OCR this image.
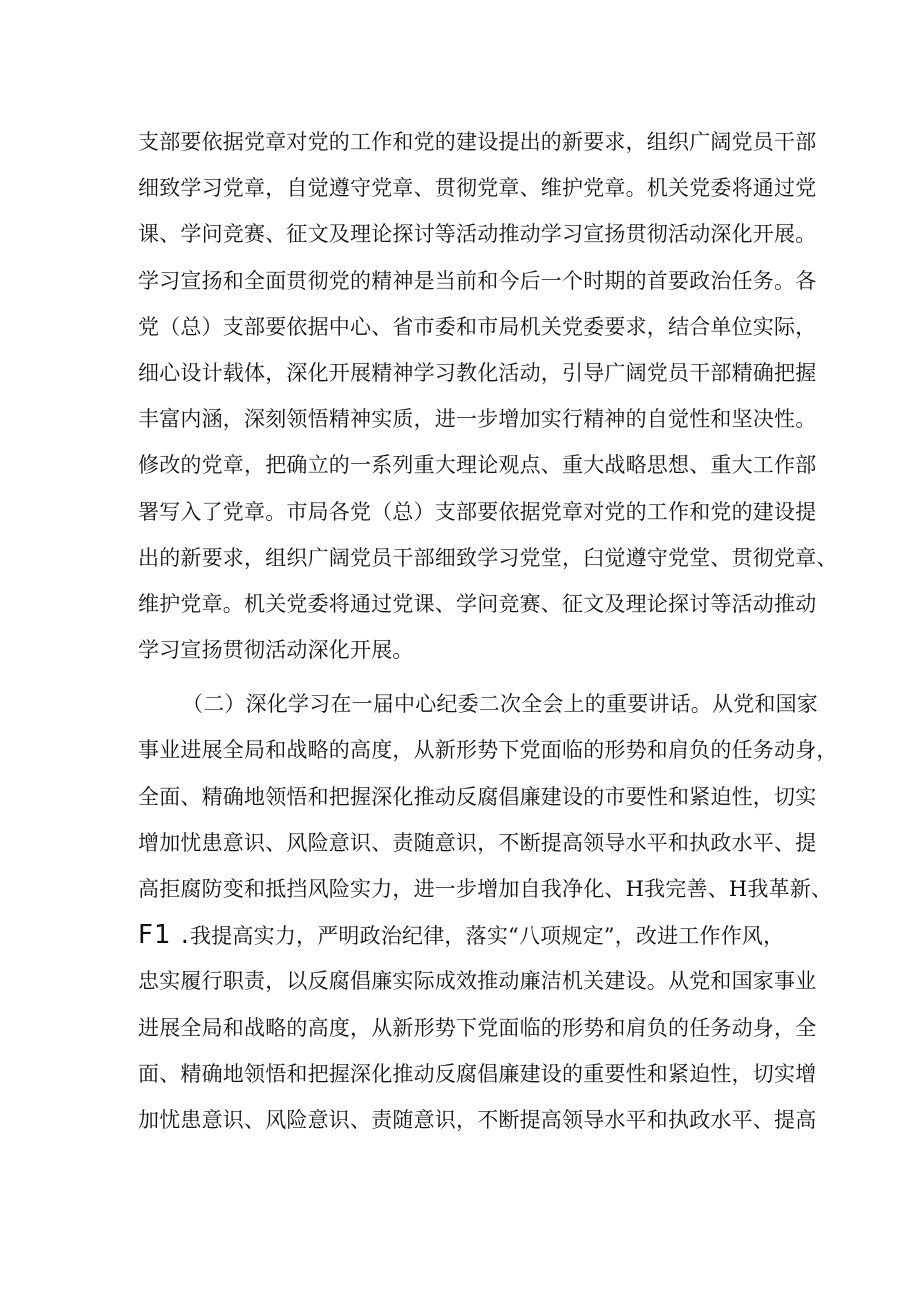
支部要依据党章对党的工作和党的建设提出的新要求，组织广阔党员干部
细致学习党章，自觉遵守党章、贯彻党章、维护党章。机关党委将通过党
课、学问竞赛、征文及理论探讨等活动推动学习宣扬贯彻活动深化开展。
学习宣扬和全面贯彻党的精神是当前和今后一个时期的首要政治任务。各
党（总）支部要依据中心、省市委和市局机关党委要求，结合单位实际，
细心设计载体，深化开展精神学习教化活动，引导广阔党员干部精确把握
丰富内涵，深刻领悟精神实质，进一步增加实行精神的自觉性和坚决性。
修改的党章，把确立的一系列重大理论观点、重大战略思想、重大工作部
署写入了党章。市局各党（总）支部要依据党章对党的工作和党的建设提
出的新要求，组织广阔党员干部细致学习党堂，臼觉遵守党堂、贯彻党章、
维护党章。机关党委将通过党课、学问竞赛、征文及理论探讨等活动推动
学习宣扬贯彻活动深化开展。
（二）深化学习在一届中心纪委二次全会上的重要讲话。从党和国家
事业进展全局和战略的高度，从新形势下党面临的形势和肩负的任务动身，
全面、精确地领悟和把握深化推动反腐倡廉建设的市要性和紧迫性，切实
增加忧患意识、风险意识、责随意识，不断提高领导水平和执政水平、提
高拒腐防变和抵挡风险实力，进一步增加自我净化、H我完善、H我革新、
F1 .我提高实力，严明政治纪律，落实“八项规定”，改进工作作风，
忠实履行职责，以反腐倡廉实际成效推动廉洁机关建设。从党和国家事业
进展全局和战略的高度，从新形势下党面临的形势和肩负的任务动身，全
面、精确地领悟和把握深化推动反腐倡廉建设的重要性和紧迫性，切实增
加忧患意识、风险意识、责随意识，不断提高领导水平和执政水平、提高
